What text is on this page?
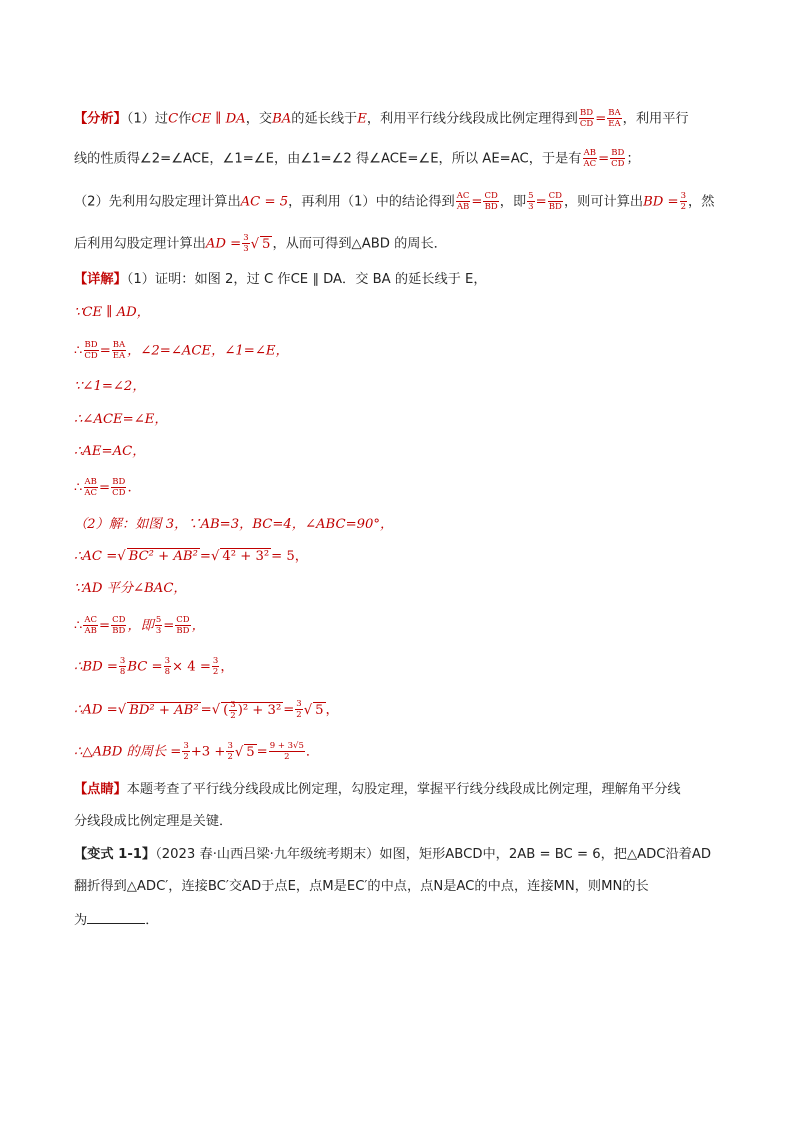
【分析】（1）过C作CE ∥ DA，交BA的延长线于E，利用平行线分线段成比例定理得到 $\frac{BD}{CD} = \frac{BA}{EA}$ ，利用平行
线的性质得∠2=∠ACE，∠1=∠E，由∠1=∠2 得∠ACE=∠E，所以 AE=AC，于是有 $\frac{AB}{AC} = \frac{BD}{CD}$ ；
（2）先利用勾股定理计算出AC = 5，再利用（1）中的结论得到 $\frac{AC}{AB} = \frac{CD}{BD}$ ，即 $\frac{5}{3} = \frac{CD}{BD}$ ，则可计算出BD = $\frac{3}{2}$ ，然
后利用勾股定理计算出AD = $\frac{3}{3}$ √ 5 ，从而可得到△ABD 的周长．
【详解】（1）证明：如图 2，过 C 作CE ∥ DA．交 BA 的延长线于 E，
∵CE ∥ AD，
∴ $\frac{BD}{CD} = \frac{BA}{EA}$ ，∠2=∠ACE，∠1=∠E，
∵∠1=∠2，
∴∠ACE=∠E，
∴AE=AC，
∴ $\frac{AB}{AC} = \frac{BD}{CD}$ .
（2）解：如图 3，∵AB=3，BC=4，∠ABC=90°，
∴AC =√ BC² + AB² =√ 4² + 3² = 5，
∵AD 平分∠BAC，
∴ $\frac{AC}{AB} = \frac{CD}{BD}$ ，即 $\frac{5}{3} = \frac{CD}{BD}$ ，
∴BD = $\frac{3}{8}$ BC = $\frac{3}{8} \times 4 = \frac{3}{2}$ ，
∴AD =√ BD² + AB² =√ ( $\frac{3}{2} )^2 + 3^2 = \frac{3}{2}$ √ 5 ，
∴△ABD 的周长 = $\frac{3}{2} +3 + \frac{3}{2}$ √ $5 = \frac{9 + 3√5}{2}$ ．
【点睛】本题考查了平行线分线段成比例定理，勾股定理，掌握平行线分线段成比例定理，理解角平分线
分线段成比例定理是关键．
【变式 1-1】（2023 春·山西吕梁·九年级统考期末）如图，矩形ABCD中，2AB = BC = 6，把△ADC沿着AD
翻折得到△ADC′，连接BC′交AD于点E，点M是EC′的中点，点N是AC的中点，连接MN，则MN的长
为	．
